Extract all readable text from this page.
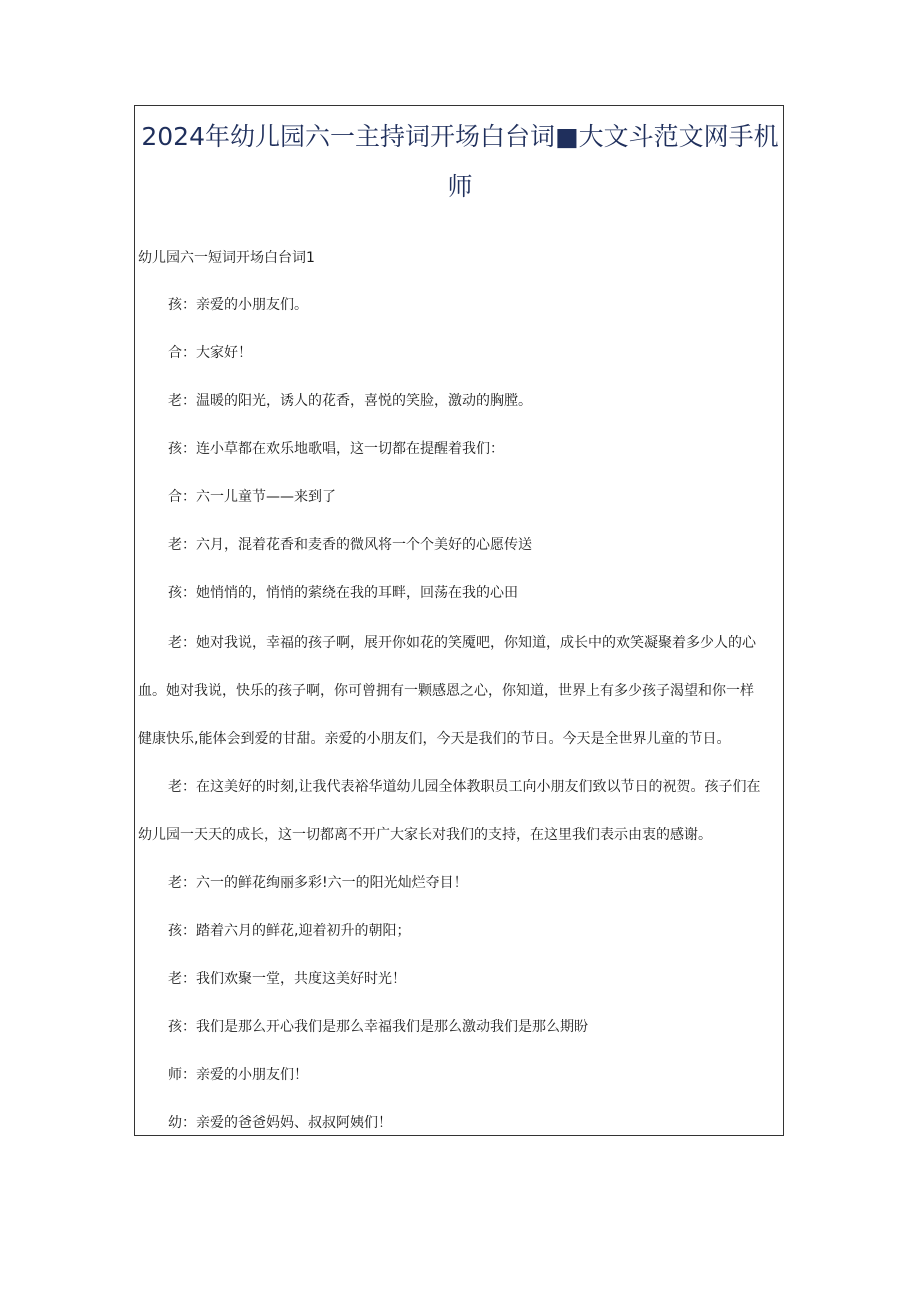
2024年幼儿园六一主持词开场白台词■大文斗范文网手机
师

幼儿园六一短词开场白台词1

孩：亲爱的小朋友们。

合：大家好！

老：温暖的阳光，诱人的花香，喜悦的笑脸，激动的胸膛。

孩：连小草都在欢乐地歌唱，这一切都在提醒着我们：

合：六一儿童节——来到了

老：六月，混着花香和麦香的微风将一个个美好的心愿传送

孩：她悄悄的，悄悄的萦绕在我的耳畔，回荡在我的心田

老：她对我说，幸福的孩子啊，展开你如花的笑魇吧，你知道，成长中的欢笑凝聚着多少人的心

血。她对我说，快乐的孩子啊，你可曾拥有一颗感恩之心，你知道，世界上有多少孩子渴望和你一样

健康快乐,能体会到爱的甘甜。亲爱的小朋友们，今天是我们的节日。今天是全世界儿童的节日。

老：在这美好的时刻,让我代表裕华道幼儿园全体教职员工向小朋友们致以节日的祝贺。孩子们在

幼儿园一天天的成长，这一切都离不开广大家长对我们的支持，在这里我们表示由衷的感谢。

老：六一的鲜花绚丽多彩!六一的阳光灿烂夺目！

孩：踏着六月的鲜花,迎着初升的朝阳；

老：我们欢聚一堂，共度这美好时光！

孩：我们是那么开心我们是那么幸福我们是那么激动我们是那么期盼

师：亲爱的小朋友们！

幼：亲爱的爸爸妈妈、叔叔阿姨们！
